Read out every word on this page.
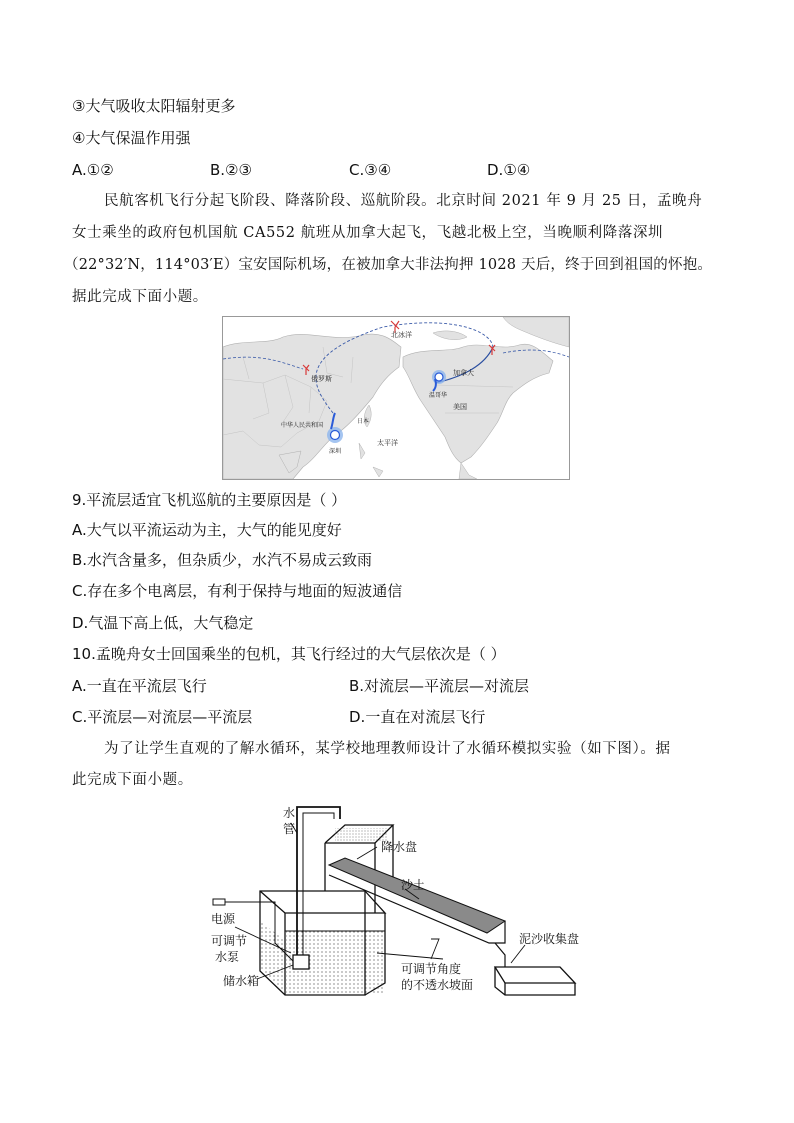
③大气吸收太阳辐射更多
④大气保温作用强
A.①②	B.②③	C.③④	D.①④
民航客机飞行分起飞阶段、降落阶段、巡航阶段。北京时间 2021 年 9 月 25 日，孟晚舟
女士乘坐的政府包机国航 CA552 航班从加拿大起飞，飞越北极上空，当晚顺利降落深圳
（22°32′N，114°03′E）宝安国际机场，在被加拿大非法拘押 1028 天后，终于回到祖国的怀抱。
据此完成下面小题。
北冰洋
俄罗斯
加拿大
温哥华
美国
日本
中华人民共和国
深圳
太平洋
9.平流层适宜飞机巡航的主要原因是（ ）
A.大气以平流运动为主，大气的能见度好
B.水汽含量多，但杂质少，水汽不易成云致雨
C.存在多个电离层，有利于保持与地面的短波通信
D.气温下高上低，大气稳定
10.孟晚舟女士回国乘坐的包机，其飞行经过的大气层依次是（ ）
A.一直在平流层飞行	B.对流层—平流层—对流层
C.平流层—对流层—平流层	D.一直在对流层飞行
为了让学生直观的了解水循环，某学校地理教师设计了水循环模拟实验（如下图）。据
此完成下面小题。
水
管
降水盘
沙土
电源
可调节
水泵
储水箱
可调节角度
的不透水坡面
泥沙收集盘
